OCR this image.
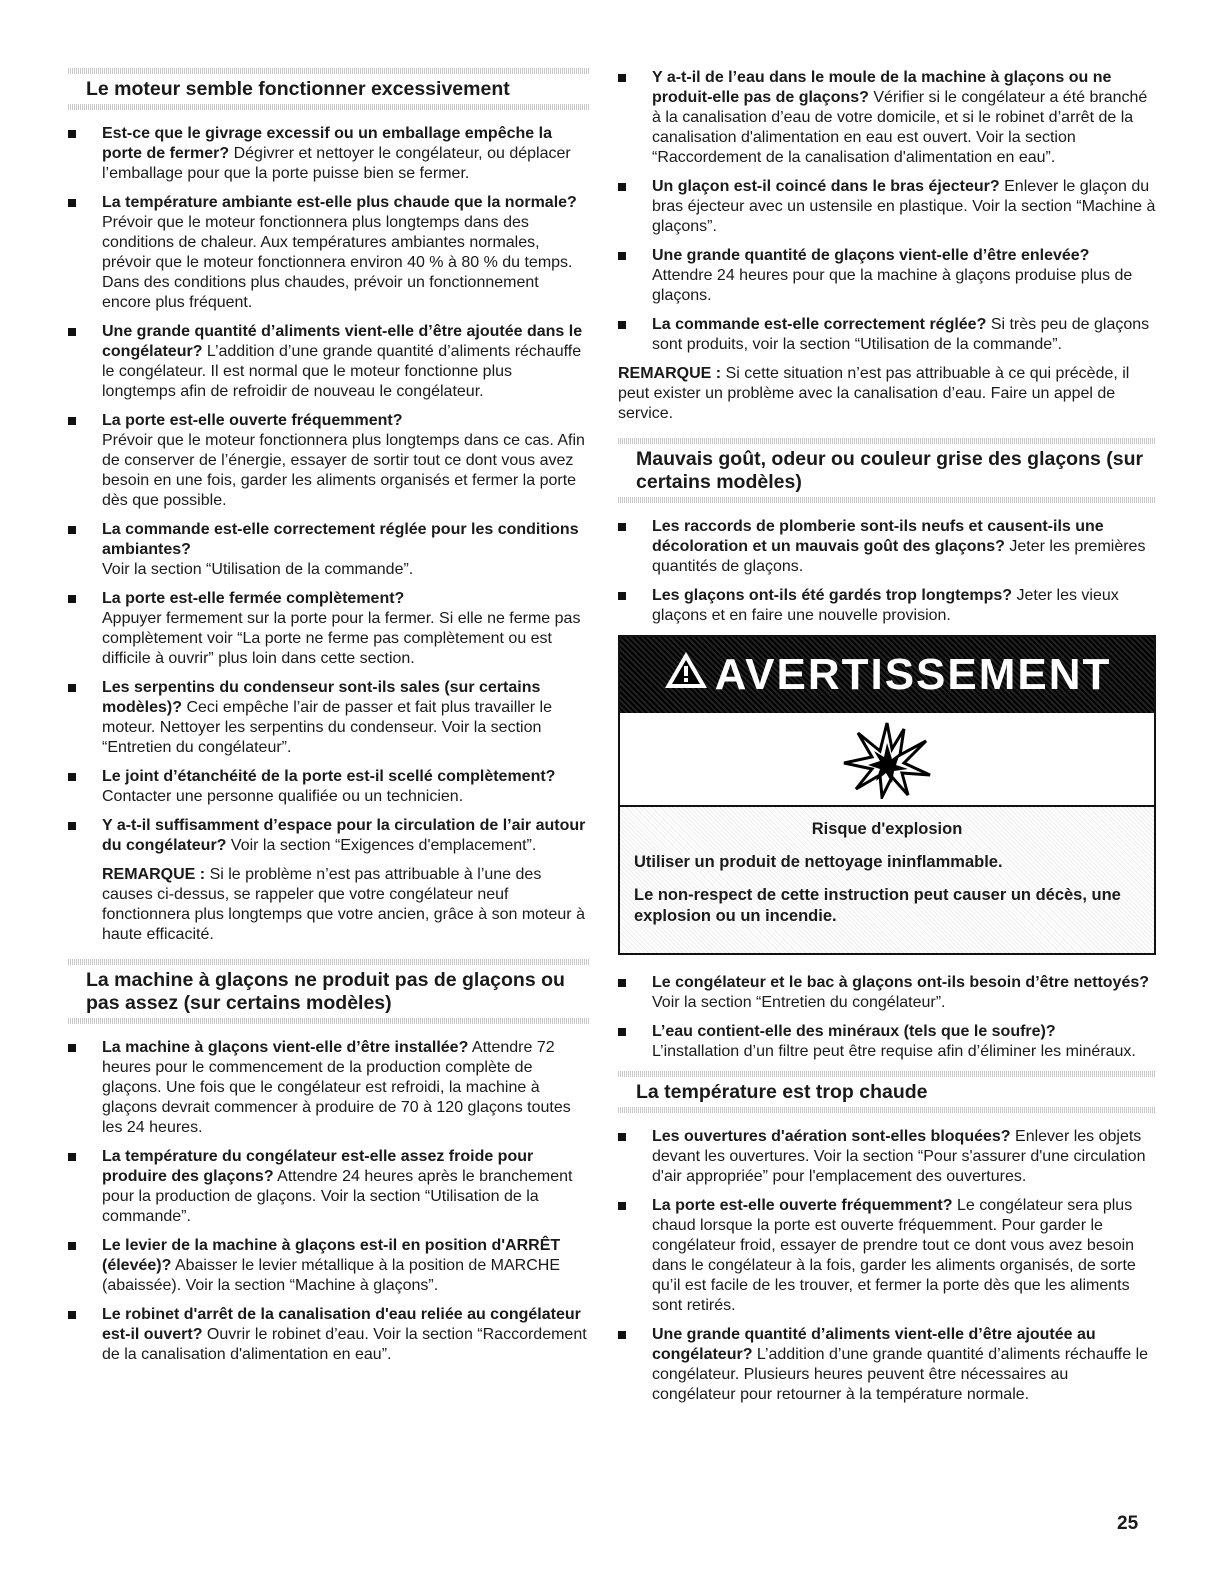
Le moteur semble fonctionner excessivement
Est-ce que le givrage excessif ou un emballage empêche la porte de fermer? Dégivrer et nettoyer le congélateur, ou déplacer l’emballage pour que la porte puisse bien se fermer.
La température ambiante est-elle plus chaude que la normale? Prévoir que le moteur fonctionnera plus longtemps dans des conditions de chaleur. Aux températures ambiantes normales, prévoir que le moteur fonctionnera environ 40 % à 80 % du temps. Dans des conditions plus chaudes, prévoir un fonctionnement encore plus fréquent.
Une grande quantité d’aliments vient-elle d’être ajoutée dans le congélateur? L’addition d’une grande quantité d’aliments réchauffe le congélateur. Il est normal que le moteur fonctionne plus longtemps afin de refroidir de nouveau le congélateur.
La porte est-elle ouverte fréquemment?
Prévoir que le moteur fonctionnera plus longtemps dans ce cas. Afin de conserver de l’énergie, essayer de sortir tout ce dont vous avez besoin en une fois, garder les aliments organisés et fermer la porte dès que possible.
La commande est-elle correctement réglée pour les conditions ambiantes?
Voir la section “Utilisation de la commande”.
La porte est-elle fermée complètement?
Appuyer fermement sur la porte pour la fermer. Si elle ne ferme pas complètement voir “La porte ne ferme pas complètement ou est difficile à ouvrir” plus loin dans cette section.
Les serpentins du condenseur sont-ils sales (sur certains modèles)? Ceci empêche l’air de passer et fait plus travailler le moteur. Nettoyer les serpentins du condenseur. Voir la section “Entretien du congélateur”.
Le joint d’étanchéité de la porte est-il scellé complètement? Contacter une personne qualifiée ou un technicien.
Y a-t-il suffisamment d’espace pour la circulation de l’air autour du congélateur? Voir la section “Exigences d'emplacement”.

REMARQUE : Si le problème n’est pas attribuable à l’une des causes ci-dessus, se rappeler que votre congélateur neuf fonctionnera plus longtemps que votre ancien, grâce à son moteur à haute efficacité.

La machine à glaçons ne produit pas de glaçons ou pas assez (sur certains modèles)
La machine à glaçons vient-elle d’être installée? Attendre 72 heures pour le commencement de la production complète de glaçons. Une fois que le congélateur est refroidi, la machine à glaçons devrait commencer à produire de 70 à 120 glaçons toutes les 24 heures.
La température du congélateur est-elle assez froide pour produire des glaçons? Attendre 24 heures après le branchement pour la production de glaçons. Voir la section “Utilisation de la commande”.
Le levier de la machine à glaçons est-il en position d'ARRÊT (élevée)? Abaisser le levier métallique à la position de MARCHE (abaissée). Voir la section “Machine à glaçons”.
Le robinet d'arrêt de la canalisation d'eau reliée au congélateur est-il ouvert? Ouvrir le robinet d’eau. Voir la section “Raccordement de la canalisation d'alimentation en eau”.
Y a-t-il de l’eau dans le moule de la machine à glaçons ou ne produit-elle pas de glaçons? Vérifier si le congélateur a été branché à la canalisation d’eau de votre domicile, et si le robinet d’arrêt de la canalisation d'alimentation en eau est ouvert. Voir la section “Raccordement de la canalisation d'alimentation en eau”.
Un glaçon est-il coincé dans le bras éjecteur? Enlever le glaçon du bras éjecteur avec un ustensile en plastique. Voir la section “Machine à glaçons”.
Une grande quantité de glaçons vient-elle d’être enlevée?
Attendre 24 heures pour que la machine à glaçons produise plus de glaçons.
La commande est-elle correctement réglée? Si très peu de glaçons sont produits, voir la section “Utilisation de la commande”.

REMARQUE : Si cette situation n’est pas attribuable à ce qui précède, il peut exister un problème avec la canalisation d’eau. Faire un appel de service.

Mauvais goût, odeur ou couleur grise des glaçons (sur certains modèles)
Les raccords de plomberie sont-ils neufs et causent-ils une décoloration et un mauvais goût des glaçons? Jeter les premières quantités de glaçons.
Les glaçons ont-ils été gardés trop longtemps? Jeter les vieux glaçons et en faire une nouvelle provision.
AVERTISSEMENT
Risque d'explosion

Utiliser un produit de nettoyage ininflammable.

Le non-respect de cette instruction peut causer un décès, une explosion ou un incendie.

Le congélateur et le bac à glaçons ont-ils besoin d’être nettoyés? Voir la section “Entretien du congélateur”.
L’eau contient-elle des minéraux (tels que le soufre)?
L’installation d’un filtre peut être requise afin d’éliminer les minéraux.
La température est trop chaude
Les ouvertures d'aération sont-elles bloquées? Enlever les objets devant les ouvertures. Voir la section “Pour s'assurer d'une circulation d'air appropriée” pour l'emplacement des ouvertures.
La porte est-elle ouverte fréquemment? Le congélateur sera plus chaud lorsque la porte est ouverte fréquemment. Pour garder le congélateur froid, essayer de prendre tout ce dont vous avez besoin dans le congélateur à la fois, garder les aliments organisés, de sorte qu’il est facile de les trouver, et fermer la porte dès que les aliments sont retirés.
Une grande quantité d’aliments vient-elle d’être ajoutée au congélateur? L’addition d’une grande quantité d’aliments réchauffe le congélateur. Plusieurs heures peuvent être nécessaires au congélateur pour retourner à la température normale.
25
